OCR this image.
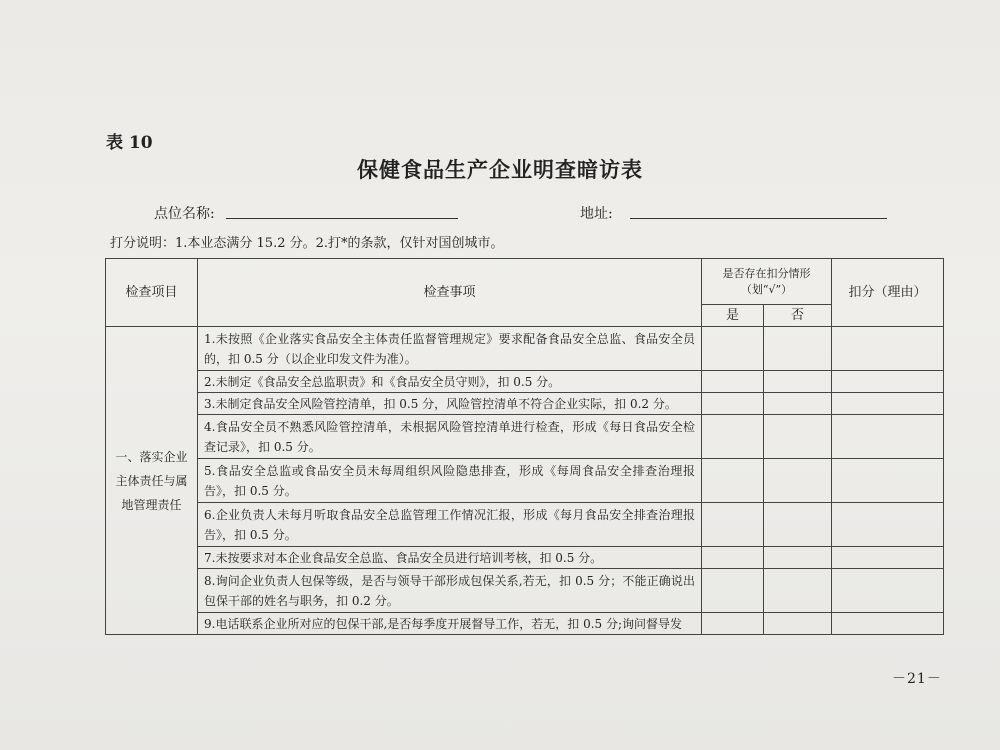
表 10
保健食品生产企业明查暗访表
点位名称:	地址:
打分说明：1.本业态满分 15.2 分。2.打*的条款，仅针对国创城市。
检查项目	检查事项	是否存在扣分情形（划“√”）		扣分（理由）
		是	否	
一、落实企业主体责任与属地管理责任	1.未按照《企业落实食品安全主体责任监督管理规定》要求配备食品安全总监、食品安全员的，扣 0.5 分（以企业印发文件为准）。			
	2.未制定《食品安全总监职责》和《食品安全员守则》，扣 0.5 分。			
	3.未制定食品安全风险管控清单，扣 0.5 分，风险管控清单不符合企业实际，扣 0.2 分。			
	4.食品安全员不熟悉风险管控清单，未根据风险管控清单进行检查，形成《每日食品安全检查记录》，扣 0.5 分。			
	5.食品安全总监或食品安全员未每周组织风险隐患排查，形成《每周食品安全排查治理报告》，扣 0.5 分。			
	6.企业负责人未每月听取食品安全总监管理工作情况汇报，形成《每月食品安全排查治理报告》，扣 0.5 分。			
	7.未按要求对本企业食品安全总监、食品安全员进行培训考核，扣 0.5 分。			
	8.询问企业负责人包保等级，是否与领导干部形成包保关系,若无，扣 0.5 分；不能正确说出包保干部的姓名与职务，扣 0.2 分。			
	9.电话联系企业所对应的包保干部,是否每季度开展督导工作，若无，扣 0.5 分;询问督导发			
－21－
